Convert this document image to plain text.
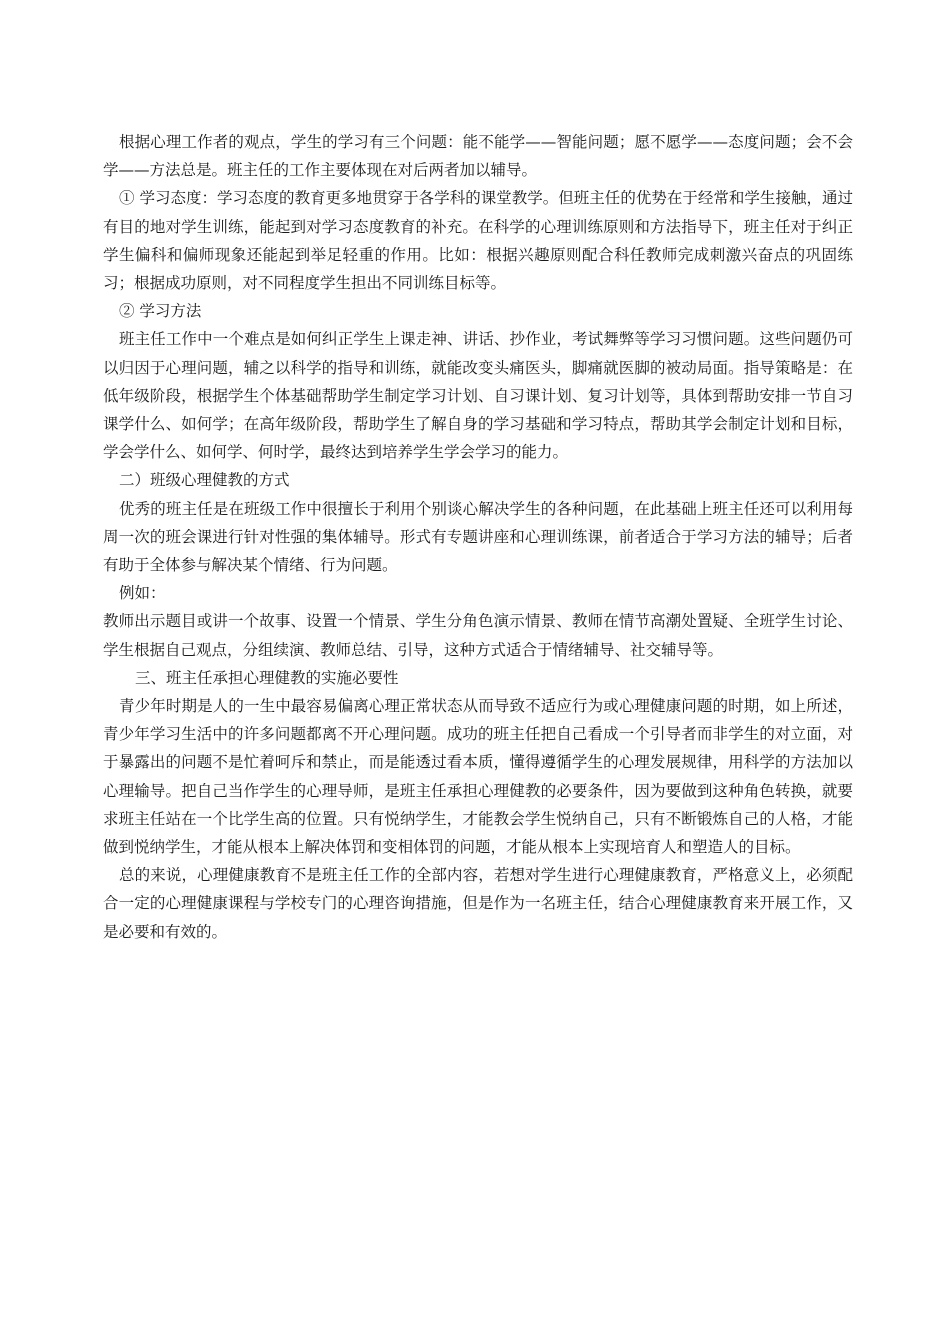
根据心理工作者的观点，学生的学习有三个问题：能不能学——智能问题；愿不愿学——态度问题；会不会学——方法总是。班主任的工作主要体现在对后两者加以辅导。

① 学习态度：学习态度的教育更多地贯穿于各学科的课堂教学。但班主任的优势在于经常和学生接触，通过有目的地对学生训练，能起到对学习态度教育的补充。在科学的心理训练原则和方法指导下，班主任对于纠正学生偏科和偏师现象还能起到举足轻重的作用。比如：根据兴趣原则配合科任教师完成刺激兴奋点的巩固练习；根据成功原则，对不同程度学生担出不同训练目标等。

② 学习方法

班主任工作中一个难点是如何纠正学生上课走神、讲话、抄作业，考试舞弊等学习习惯问题。这些问题仍可以归因于心理问题，辅之以科学的指导和训练，就能改变头痛医头，脚痛就医脚的被动局面。指导策略是：在低年级阶段，根据学生个体基础帮助学生制定学习计划、自习课计划、复习计划等，具体到帮助安排一节自习课学什么、如何学；在高年级阶段，帮助学生了解自身的学习基础和学习特点，帮助其学会制定计划和目标，学会学什么、如何学、何时学，最终达到培养学生学会学习的能力。

二）班级心理健教的方式

优秀的班主任是在班级工作中很擅长于利用个别谈心解决学生的各种问题，在此基础上班主任还可以利用每周一次的班会课进行针对性强的集体辅导。形式有专题讲座和心理训练课，前者适合于学习方法的辅导；后者有助于全体参与解决某个情绪、行为问题。

例如：

教师出示题目或讲一个故事、设置一个情景、学生分角色演示情景、教师在情节高潮处置疑、全班学生讨论、学生根据自己观点，分组续演、教师总结、引导，这种方式适合于情绪辅导、社交辅导等。

三、班主任承担心理健教的实施必要性

青少年时期是人的一生中最容易偏离心理正常状态从而导致不适应行为或心理健康问题的时期，如上所述，青少年学习生活中的许多问题都离不开心理问题。成功的班主任把自己看成一个引导者而非学生的对立面，对于暴露出的问题不是忙着呵斥和禁止，而是能透过看本质，懂得遵循学生的心理发展规律，用科学的方法加以心理输导。把自己当作学生的心理导师，是班主任承担心理健教的必要条件，因为要做到这种角色转换，就要求班主任站在一个比学生高的位置。只有悦纳学生，才能教会学生悦纳自己，只有不断锻炼自己的人格，才能做到悦纳学生，才能从根本上解决体罚和变相体罚的问题，才能从根本上实现培育人和塑造人的目标。

总的来说，心理健康教育不是班主任工作的全部内容，若想对学生进行心理健康教育，严格意义上，必须配合一定的心理健康课程与学校专门的心理咨询措施，但是作为一名班主任，结合心理健康教育来开展工作，又是必要和有效的。
